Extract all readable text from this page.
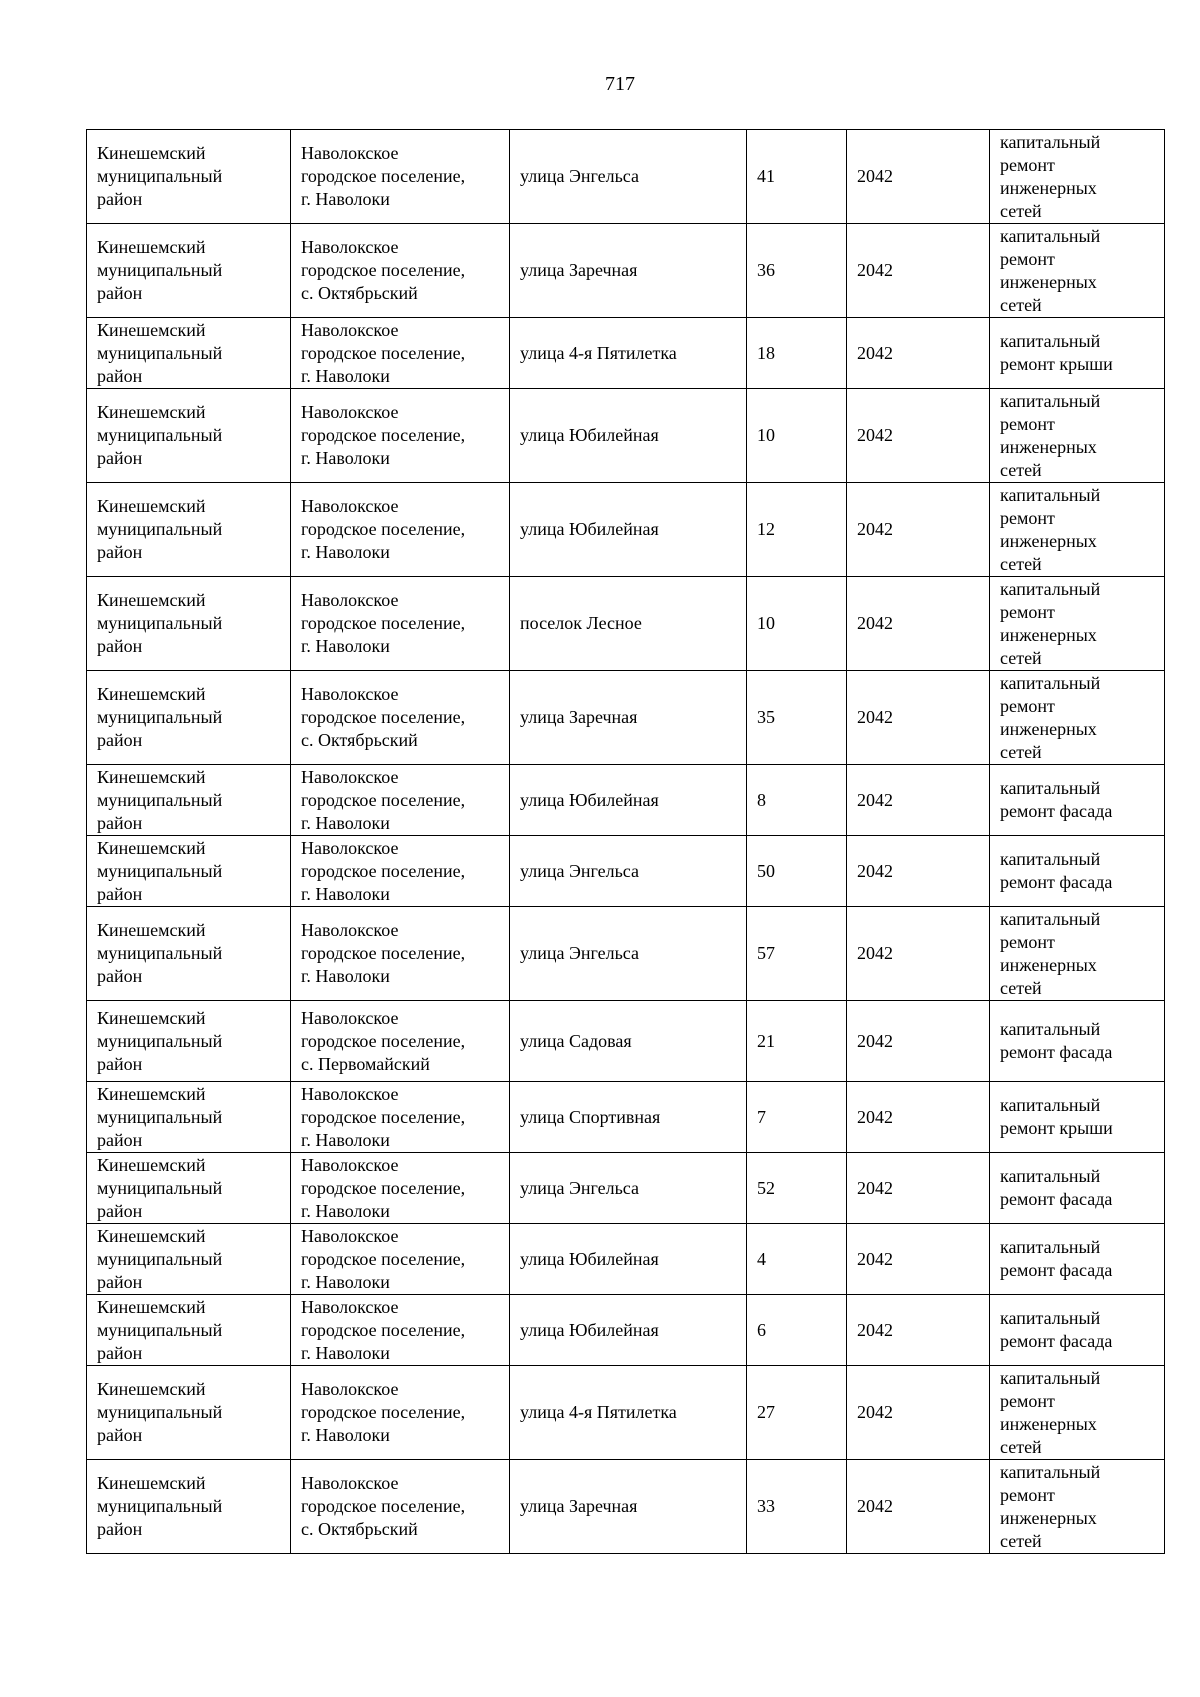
717
Кинешемский
муниципальный
район	Наволокское
городское поселение,
г. Наволоки	улица Энгельса	41	2042	капитальный
ремонт
инженерных
сетей

Кинешемский
муниципальный
район	Наволокское
городское поселение,
с. Октябрьский	улица Заречная	36	2042	капитальный
ремонт
инженерных
сетей

Кинешемский
муниципальный
район	Наволокское
городское поселение,
г. Наволоки	улица 4-я Пятилетка	18	2042	капитальный
ремонт крыши

Кинешемский
муниципальный
район	Наволокское
городское поселение,
г. Наволоки	улица Юбилейная	10	2042	капитальный
ремонт
инженерных
сетей

Кинешемский
муниципальный
район	Наволокское
городское поселение,
г. Наволоки	улица Юбилейная	12	2042	капитальный
ремонт
инженерных
сетей

Кинешемский
муниципальный
район	Наволокское
городское поселение,
г. Наволоки	поселок Лесное	10	2042	капитальный
ремонт
инженерных
сетей

Кинешемский
муниципальный
район	Наволокское
городское поселение,
с. Октябрьский	улица Заречная	35	2042	капитальный
ремонт
инженерных
сетей

Кинешемский
муниципальный
район	Наволокское
городское поселение,
г. Наволоки	улица Юбилейная	8	2042	капитальный
ремонт фасада

Кинешемский
муниципальный
район	Наволокское
городское поселение,
г. Наволоки	улица Энгельса	50	2042	капитальный
ремонт фасада

Кинешемский
муниципальный
район	Наволокское
городское поселение,
г. Наволоки	улица Энгельса	57	2042	капитальный
ремонт
инженерных
сетей

Кинешемский
муниципальный
район	Наволокское
городское поселение,
с. Первомайский	улица Садовая	21	2042	капитальный
ремонт фасада

Кинешемский
муниципальный
район	Наволокское
городское поселение,
г. Наволоки	улица Спортивная	7	2042	капитальный
ремонт крыши

Кинешемский
муниципальный
район	Наволокское
городское поселение,
г. Наволоки	улица Энгельса	52	2042	капитальный
ремонт фасада

Кинешемский
муниципальный
район	Наволокское
городское поселение,
г. Наволоки	улица Юбилейная	4	2042	капитальный
ремонт фасада

Кинешемский
муниципальный
район	Наволокское
городское поселение,
г. Наволоки	улица Юбилейная	6	2042	капитальный
ремонт фасада

Кинешемский
муниципальный
район	Наволокское
городское поселение,
г. Наволоки	улица 4-я Пятилетка	27	2042	капитальный
ремонт
инженерных
сетей

Кинешемский
муниципальный
район	Наволокское
городское поселение,
с. Октябрьский	улица Заречная	33	2042	капитальный
ремонт
инженерных
сетей
